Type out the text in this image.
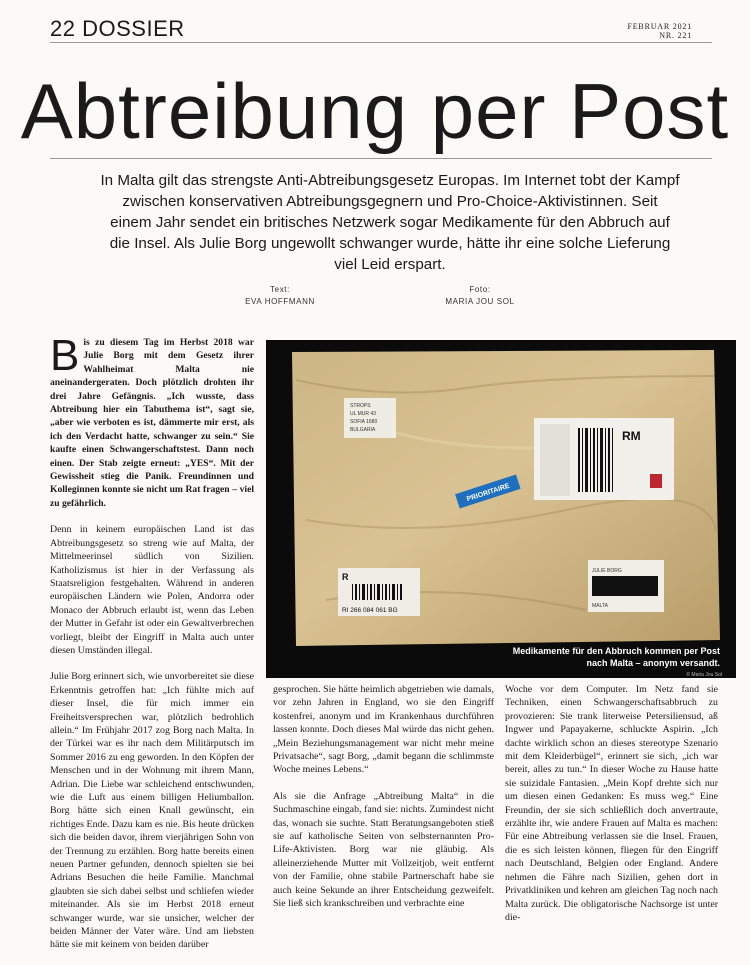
22 DOSSIER	FEBRUAR 2021
NR. 221
Abtreibung per Post

In Malta gilt das strengste Anti-Abtreibungsgesetz Europas. Im Internet tobt der Kampf zwischen konservativen Abtreibungsgegnern und Pro-Choice-Aktivistinnen. Seit einem Jahr sendet ein britisches Netzwerk sogar Medikamente für den Abbruch auf die Insel. Als Julie Borg ungewollt schwanger wurde, hätte ihr eine solche Lieferung viel Leid erspart.

Text:
EVA HOFFMANN
Foto:
MARIA JOU SOL

Bis zu diesem Tag im Herbst 2018 war Julie Borg mit dem Gesetz ihrer Wahlheimat Malta nie aneinandergeraten. Doch plötzlich drohten ihr drei Jahre Gefängnis. „Ich wusste, dass Abtreibung hier ein Tabuthema ist“, sagt sie, „aber wie verboten es ist, dämmerte mir erst, als ich den Verdacht hatte, schwanger zu sein.“ Sie kaufte einen Schwangerschaftstest. Dann noch einen. Der Stab zeigte erneut: „YES“. Mit der Gewissheit stieg die Panik. Freundinnen und Kolleginnen konnte sie nicht um Rat fragen – viel zu gefährlich.

Denn in keinem europäischen Land ist das Abtreibungsgesetz so streng wie auf Malta, der Mittelmeerinsel südlich von Sizilien. Katholizismus ist hier in der Verfassung als Staatsreligion festgehalten. Während in anderen europäischen Ländern wie Polen, Andorra oder Monaco der Abbruch erlaubt ist, wenn das Leben der Mutter in Gefahr ist oder ein Gewaltverbrechen vorliegt, bleibt der Eingriff in Malta auch unter diesen Umständen illegal.

Julie Borg erinnert sich, wie unvorbereitet sie diese Erkenntnis getroffen hat: „Ich fühlte mich auf dieser Insel, die für mich immer ein Freiheitsversprechen war, plötzlich bedrohlich allein.“ Im Frühjahr 2017 zog Borg nach Malta. In der Türkei war es ihr nach dem Militärputsch im Sommer 2016 zu eng geworden. In den Köpfen der Menschen und in der Wohnung mit ihrem Mann, Adrian. Die Liebe war schleichend entschwunden, wie die Luft aus einem billigen Heliumballon. Borg hätte sich einen Knall gewünscht, ein richtiges Ende. Dazu kam es nie. Bis heute drücken sich die beiden davor, ihrem vierjährigen Sohn von der Trennung zu erzählen. Borg hatte bereits einen neuen Partner gefunden, dennoch spielten sie bei Adrians Besuchen die heile Familie. Manchmal glaubten sie sich dabei selbst und schliefen wieder miteinander. Als sie im Herbst 2018 erneut schwanger wurde, war sie unsicher, welcher der beiden Männer der Vater wäre. Und am liebsten hätte sie mit keinem von beiden darüber

STROPS
UL MUR 43
SOFIA 1680
BULGARIA	RM
PRIORITAIRE
R
RI 266 084 061 BG
JULIE BORG
MALTA
Medikamente für den Abbruch kommen per Post
nach Malta – anonym versandt.
© Maria Jou Sol

gesprochen. Sie hätte heimlich abgetrieben wie damals, vor zehn Jahren in England, wo sie den Eingriff kostenfrei, anonym und im Krankenhaus durchführen lassen konnte. Doch dieses Mal würde das nicht gehen. „Mein Beziehungsmanagement war nicht mehr meine Privatsache“, sagt Borg, „damit begann die schlimmste Woche meines Lebens.“

Als sie die Anfrage „Abtreibung Malta“ in die Suchmaschine eingab, fand sie: nichts. Zumindest nicht das, wonach sie suchte. Statt Beratungsangeboten stieß sie auf katholische Seiten von selbsternannten Pro-Life-Aktivisten. Borg war nie gläubig. Als alleinerziehende Mutter mit Vollzeitjob, weit entfernt von der Familie, ohne stabile Partnerschaft habe sie auch keine Sekunde an ihrer Entscheidung gezweifelt. Sie ließ sich krankschreiben und verbrachte eine

Woche vor dem Computer. Im Netz fand sie Techniken, einen Schwangerschaftsabbruch zu provozieren: Sie trank literweise Petersiliensud, aß Ingwer und Papayakerne, schluckte Aspirin. „Ich dachte wirklich schon an dieses stereotype Szenario mit dem Kleiderbügel“, erinnert sie sich, „ich war bereit, alles zu tun.“ In dieser Woche zu Hause hatte sie suizidale Fantasien. „Mein Kopf drehte sich nur um diesen einen Gedanken: Es muss weg.“ Eine Freundin, der sie sich schließlich doch anvertraute, erzählte ihr, wie andere Frauen auf Malta es machen: Für eine Abtreibung verlassen sie die Insel. Frauen, die es sich leisten können, fliegen für den Eingriff nach Deutschland, Belgien oder England. Andere nehmen die Fähre nach Sizilien, gehen dort in Privatkliniken und kehren am gleichen Tag noch nach Malta zurück. Die obligatorische Nachsorge ist unter die-
